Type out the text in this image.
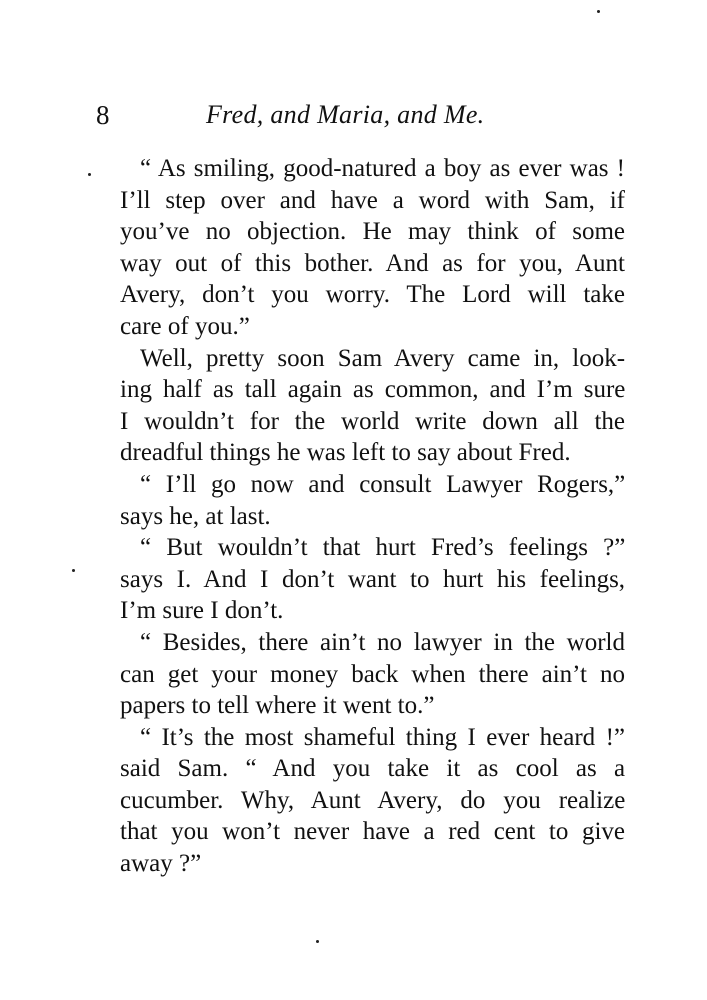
8	Fred, and Maria, and Me.
“ As smiling, good-natured a boy as ever was !
I’ll step over and have a word with Sam, if
you’ve no objection. He may think of some
way out of this bother. And as for you, Aunt
Avery, don’t you worry. The Lord will take
care of you.”
Well, pretty soon Sam Avery came in, look-
ing half as tall again as common, and I’m sure
I wouldn’t for the world write down all the
dreadful things he was left to say about Fred.
“ I’ll go now and consult Lawyer Rogers,”
says he, at last.
“ But wouldn’t that hurt Fred’s feelings ?”
says I. And I don’t want to hurt his feelings,
I’m sure I don’t.
“ Besides, there ain’t no lawyer in the world
can get your money back when there ain’t no
papers to tell where it went to.”
“ It’s the most shameful thing I ever heard !”
said Sam. “ And you take it as cool as a
cucumber. Why, Aunt Avery, do you realize
that you won’t never have a red cent to give
away ?”
